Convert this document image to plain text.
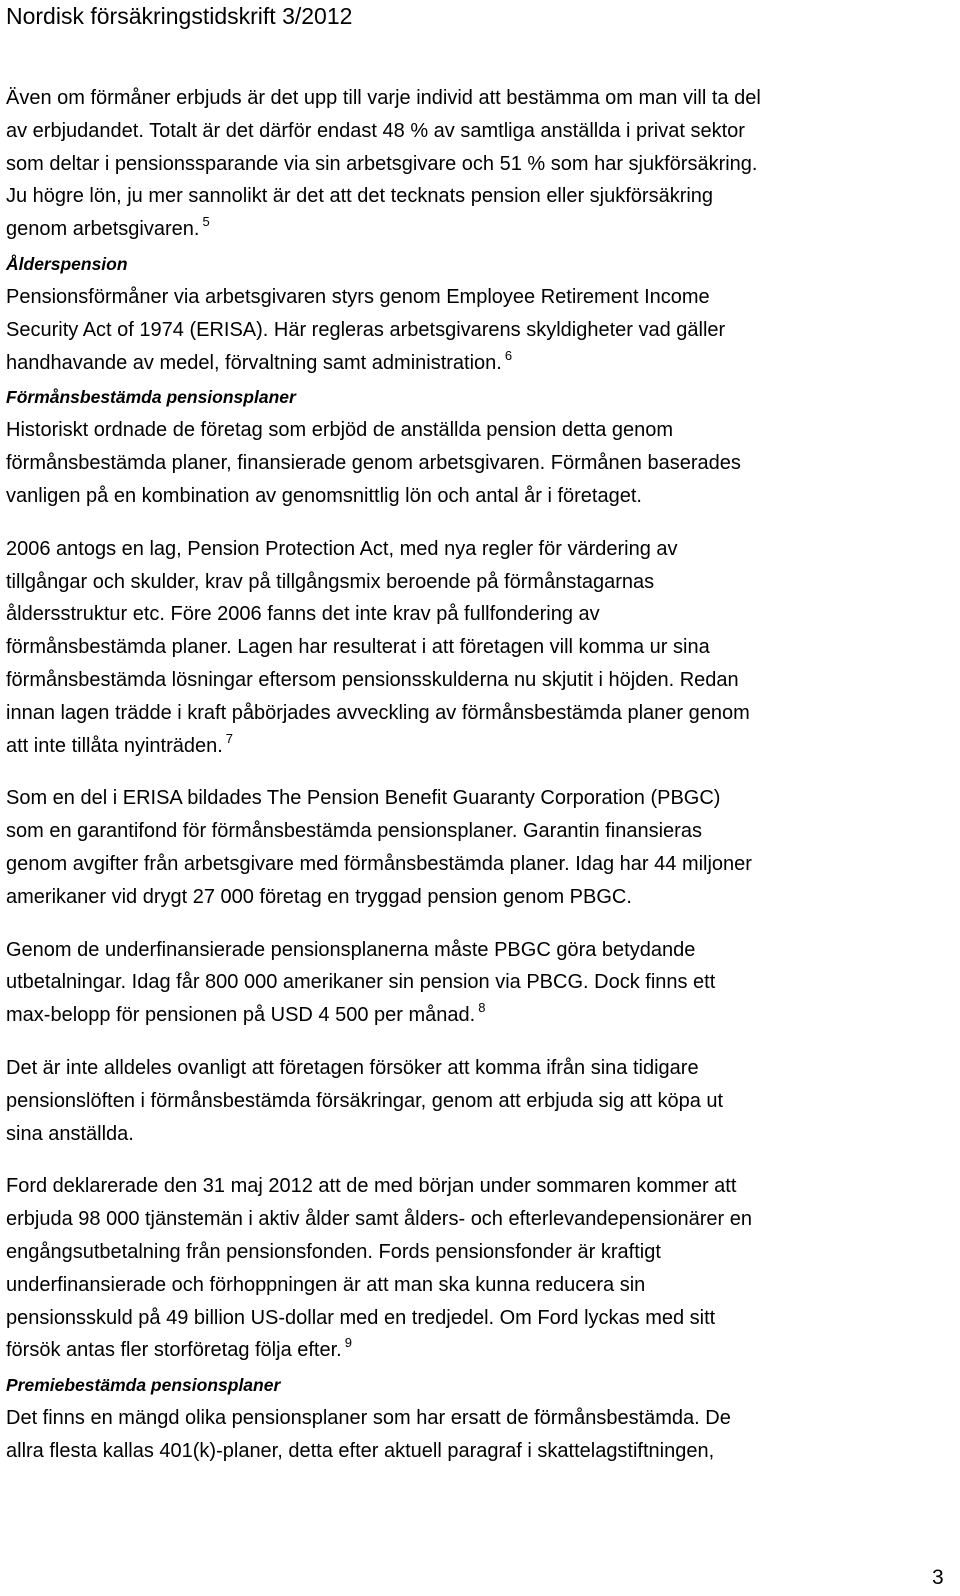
Nordisk försäkringstidskrift 3/2012
Även om förmåner erbjuds är det upp till varje individ att bestämma om man vill ta del
av erbjudandet. Totalt är det därför endast 48 % av samtliga anställda i privat sektor
som deltar i pensionssparande via sin arbetsgivare och 51 % som har sjukförsäkring.
Ju högre lön, ju mer sannolikt är det att det tecknats pension eller sjukförsäkring
genom arbetsgivaren. $^5$
Ålderspension
Pensionsförmåner via arbetsgivaren styrs genom Employee Retirement Income
Security Act of 1974 (ERISA). Här regleras arbetsgivarens skyldigheter vad gäller
handhavande av medel, förvaltning samt administration. $^6$
Förmånsbestämda pensionsplaner
Historiskt ordnade de företag som erbjöd de anställda pension detta genom
förmånsbestämda planer, finansierade genom arbetsgivaren. Förmånen baserades
vanligen på en kombination av genomsnittlig lön och antal år i företaget.
2006 antogs en lag, Pension Protection Act, med nya regler för värdering av
tillgångar och skulder, krav på tillgångsmix beroende på förmånstagarnas
åldersstruktur etc. Före 2006 fanns det inte krav på fullfondering av
förmånsbestämda planer. Lagen har resulterat i att företagen vill komma ur sina
förmånsbestämda lösningar eftersom pensionsskulderna nu skjutit i höjden. Redan
innan lagen trädde i kraft påbörjades avveckling av förmånsbestämda planer genom
att inte tillåta nyinträden. $^7$
Som en del i ERISA bildades The Pension Benefit Guaranty Corporation (PBGC)
som en garantifond för förmånsbestämda pensionsplaner. Garantin finansieras
genom avgifter från arbetsgivare med förmånsbestämda planer. Idag har 44 miljoner
amerikaner vid drygt 27 000 företag en tryggad pension genom PBGC.
Genom de underfinansierade pensionsplanerna måste PBGC göra betydande
utbetalningar. Idag får 800 000 amerikaner sin pension via PBCG. Dock finns ett
max-belopp för pensionen på USD 4 500 per månad. $^8$
Det är inte alldeles ovanligt att företagen försöker att komma ifrån sina tidigare
pensionslöften i förmånsbestämda försäkringar, genom att erbjuda sig att köpa ut
sina anställda.
Ford deklarerade den 31 maj 2012 att de med början under sommaren kommer att
erbjuda 98 000 tjänstemän i aktiv ålder samt ålders- och efterlevandepensionärer en
engångsutbetalning från pensionsfonden. Fords pensionsfonder är kraftigt
underfinansierade och förhoppningen är att man ska kunna reducera sin
pensionsskuld på 49 billion US-dollar med en tredjedel. Om Ford lyckas med sitt
försök antas fler storföretag följa efter. $^9$
Premiebestämda pensionsplaner
Det finns en mängd olika pensionsplaner som har ersatt de förmånsbestämda. De
allra flesta kallas 401(k)-planer, detta efter aktuell paragraf i skattelagstiftningen,
3
